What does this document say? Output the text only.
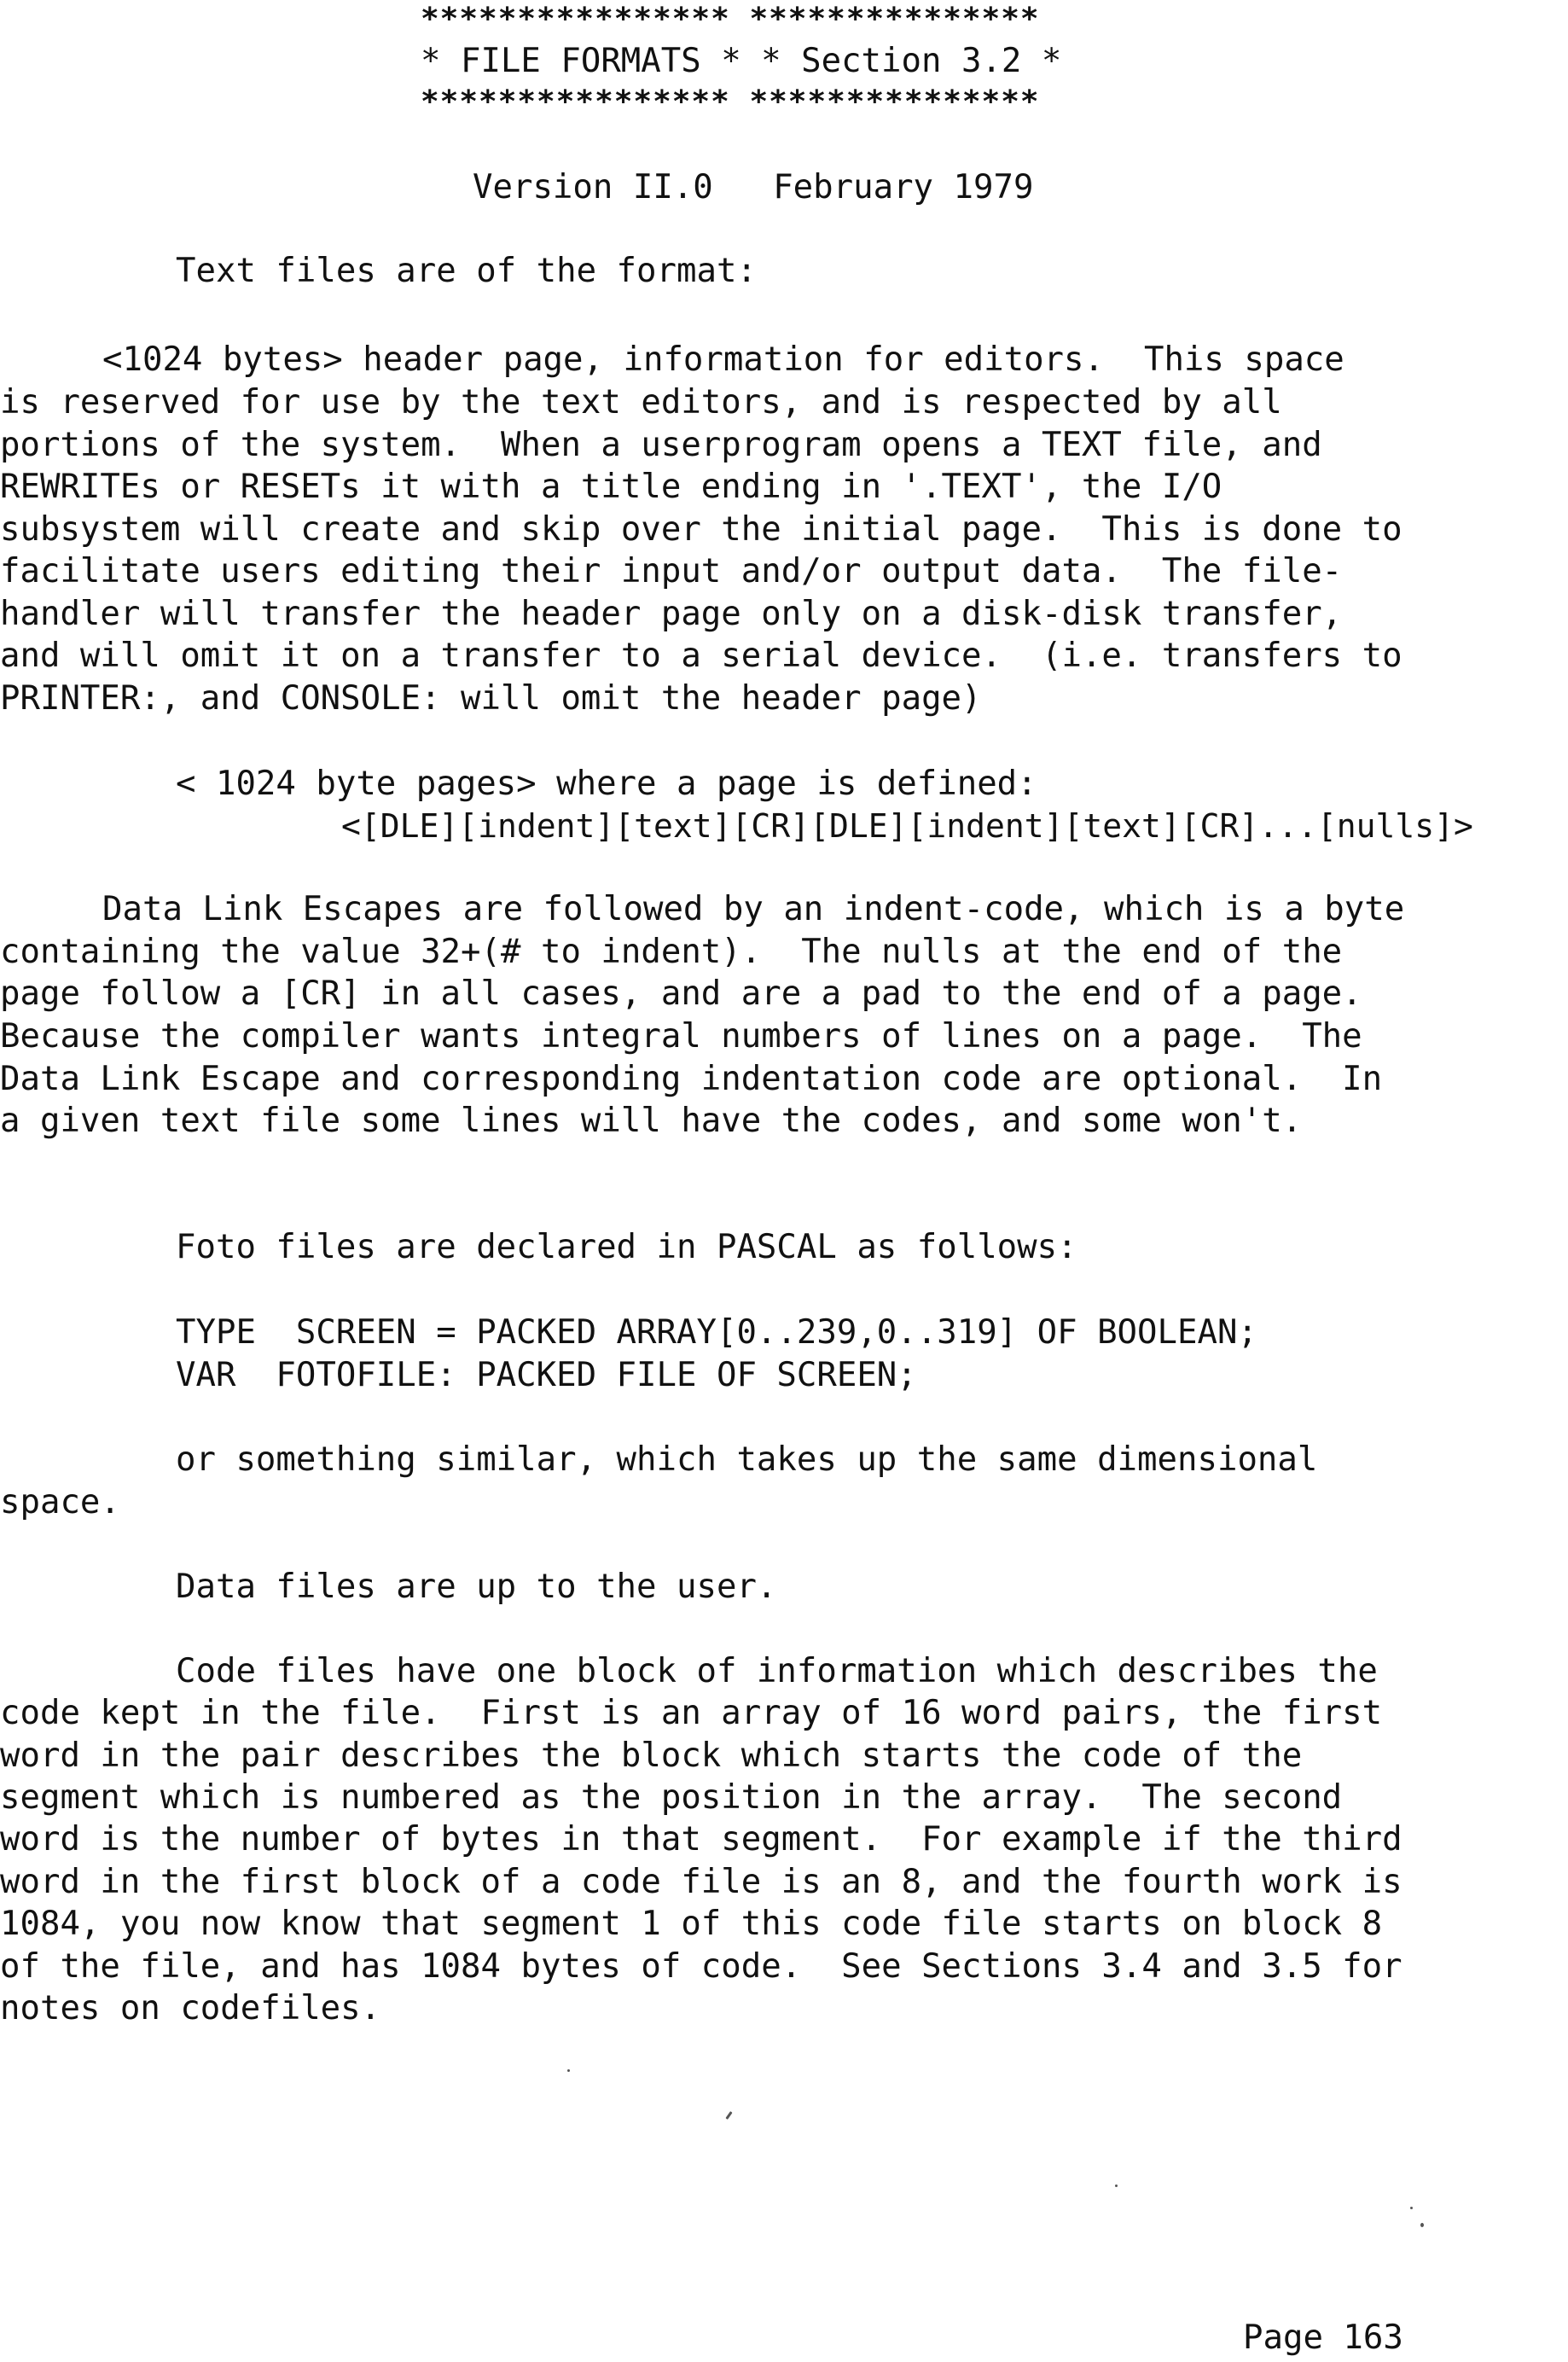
**************** ***************
* FILE FORMATS * * Section 3.2 *
**************** ***************
Version II.0   February 1979
Text files are of the format:
<1024 bytes> header page, information for editors.  This space
is reserved for use by the text editors, and is respected by all
portions of the system.  When a userprogram opens a TEXT file, and
REWRITEs or RESETs it with a title ending in '.TEXT', the I/O
subsystem will create and skip over the initial page.  This is done to
facilitate users editing their input and/or output data.  The file-
handler will transfer the header page only on a disk-disk transfer,
and will omit it on a transfer to a serial device.  (i.e. transfers to
PRINTER:, and CONSOLE: will omit the header page)
< 1024 byte pages> where a page is defined:
<[DLE][indent][text][CR][DLE][indent][text][CR]...[nulls]>
Data Link Escapes are followed by an indent-code, which is a byte
containing the value 32+(# to indent).  The nulls at the end of the
page follow a [CR] in all cases, and are a pad to the end of a page.
Because the compiler wants integral numbers of lines on a page.  The
Data Link Escape and corresponding indentation code are optional.  In
a given text file some lines will have the codes, and some won't.
Foto files are declared in PASCAL as follows:
TYPE  SCREEN = PACKED ARRAY[0..239,0..319] OF BOOLEAN;
VAR  FOTOFILE: PACKED FILE OF SCREEN;
or something similar, which takes up the same dimensional
space.
Data files are up to the user.
Code files have one block of information which describes the
code kept in the file.  First is an array of 16 word pairs, the first
word in the pair describes the block which starts the code of the
segment which is numbered as the position in the array.  The second
word is the number of bytes in that segment.  For example if the third
word in the first block of a code file is an 8, and the fourth work is
1084, you now know that segment 1 of this code file starts on block 8
of the file, and has 1084 bytes of code.  See Sections 3.4 and 3.5 for
notes on codefiles.
Page 163
